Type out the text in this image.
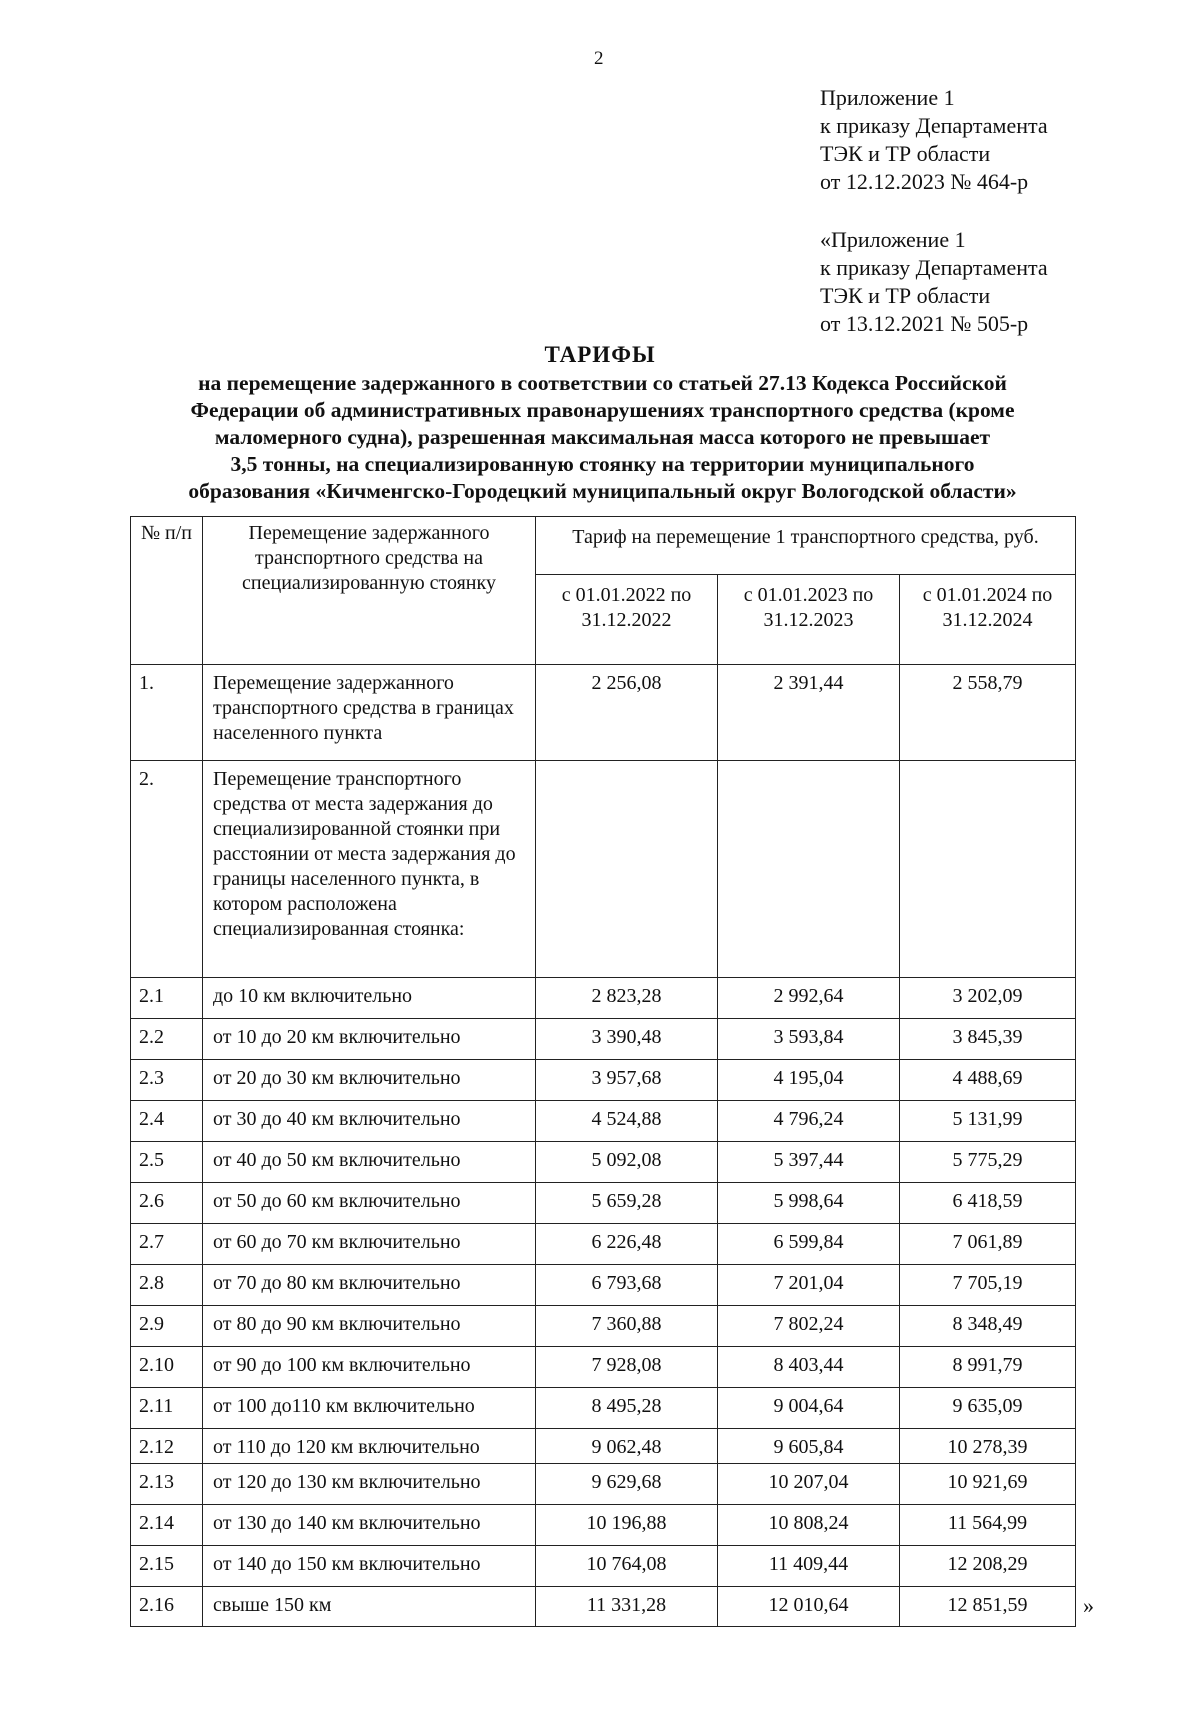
2
Приложение 1
к приказу Департамента
ТЭК и ТР области
от 12.12.2023 № 464-р
«Приложение 1
к приказу Департамента
ТЭК и ТР области
от 13.12.2021 № 505-р
ТАРИФЫ
на перемещение задержанного в соответствии со статьей 27.13 Кодекса Российской
Федерации об административных правонарушениях транспортного средства (кроме
маломерного судна), разрешенная максимальная масса которого не превышает
3,5 тонны, на специализированную стоянку на территории муниципального
образования «Кичменгско-Городецкий муниципальный округ Вологодской области»
№ п/п	Перемещение задержанного транспортного средства на специализированную стоянку	Тариф на перемещение 1 транспортного средства, руб.		
		с 01.01.2022 по 31.12.2022	с 01.01.2023 по 31.12.2023	с 01.01.2024 по 31.12.2024
1.	Перемещение задержанного транспортного средства в границах населенного пункта	2 256,08	2 391,44	2 558,79
2.	Перемещение транспортного средства от места задержания до специализированной стоянки при расстоянии от места задержания до границы населенного пункта, в котором расположена специализированная стоянка:			
2.1	до 10 км включительно	2 823,28	2 992,64	3 202,09
2.2	от 10 до 20 км включительно	3 390,48	3 593,84	3 845,39
2.3	от 20 до 30 км включительно	3 957,68	4 195,04	4 488,69
2.4	от 30 до 40 км включительно	4 524,88	4 796,24	5 131,99
2.5	от 40 до 50 км включительно	5 092,08	5 397,44	5 775,29
2.6	от 50 до 60 км включительно	5 659,28	5 998,64	6 418,59
2.7	от 60 до 70 км включительно	6 226,48	6 599,84	7 061,89
2.8	от 70 до 80 км включительно	6 793,68	7 201,04	7 705,19
2.9	от 80 до 90 км включительно	7 360,88	7 802,24	8 348,49
2.10	от 90 до 100 км включительно	7 928,08	8 403,44	8 991,79
2.11	от 100 до110 км включительно	8 495,28	9 004,64	9 635,09
2.12	от 110 до 120 км включительно	9 062,48	9 605,84	10 278,39
2.13	от 120 до 130 км включительно	9 629,68	10 207,04	10 921,69
2.14	от 130 до 140 км включительно	10 196,88	10 808,24	11 564,99
2.15	от 140 до 150 км включительно	10 764,08	11 409,44	12 208,29
2.16	свыше 150 км	11 331,28	12 010,64	12 851,59	»
